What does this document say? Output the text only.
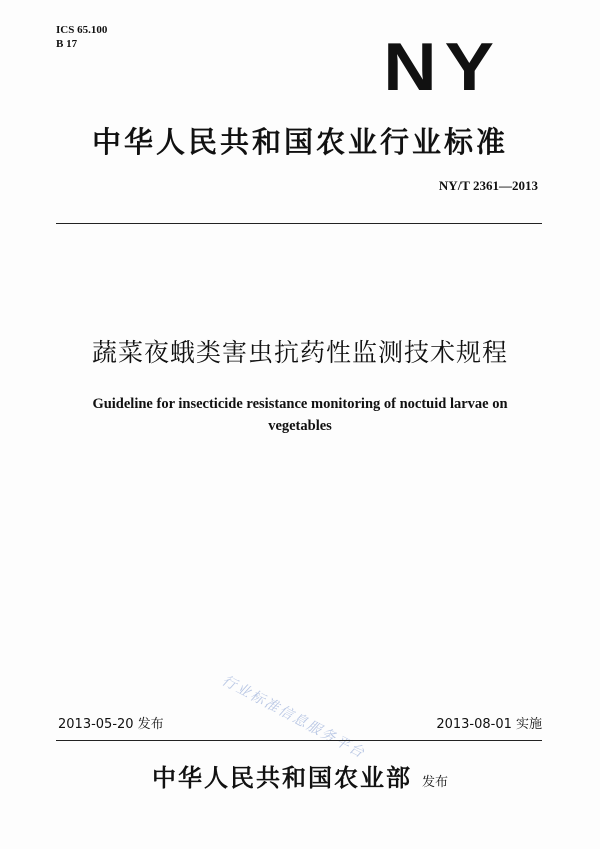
ICS 65.100
B 17	NY
中华人民共和国农业行业标准
NY/T 2361—2013
蔬菜夜蛾类害虫抗药性监测技术规程
Guideline for insecticide resistance monitoring of noctuid larvae on vegetables
行业标准信息服务平台
2013-05-20 发布	2013-08-01 实施
中华人民共和国农业部 发布
